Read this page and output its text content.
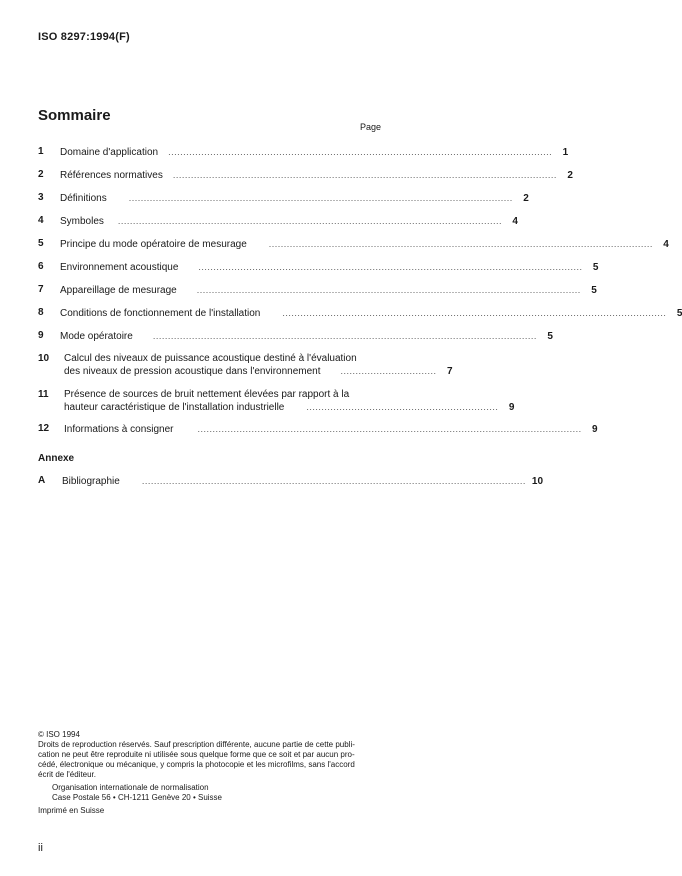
ISO 8297:1994(F)
Sommaire
Page
1 Domaine d'application ................................................................................................................................	1
2 Références normatives ................................................................................................................................	2
3 Définitions ................................................................................................................................	2
4 Symboles ................................................................................................................................	4
5 Principe du mode opératoire de mesurage ................................................................................................................................	4
6 Environnement acoustique ................................................................................................................................	5
7 Appareillage de mesurage ................................................................................................................................	5
8 Conditions de fonctionnement de l'installation ................................................................................................................................	5
9 Mode opératoire ................................................................................................................................	5
10 Calcul des niveaux de puissance acoustique destiné à l'évaluation
des niveaux de pression acoustique dans l'environnement ................................	7
11 Présence de sources de bruit nettement élevées par rapport à la
hauteur caractéristique de l'installation industrielle ................................................................	9
12 Informations à consigner	................................................................................................................................	9
Annexe
A Bibliographie ................................................................................................................................ 10
© ISO 1994
Droits de reproduction réservés. Sauf prescription différente, aucune partie de cette publi-
cation ne peut être reproduite ni utilisée sous quelque forme que ce soit et par aucun pro-
cédé, électronique ou mécanique, y compris la photocopie et les microfilms, sans l'accord
écrit de l'éditeur.
Organisation internationale de normalisation
Case Postale 56 • CH-1211 Genève 20 • Suisse
Imprimé en Suisse
ii
